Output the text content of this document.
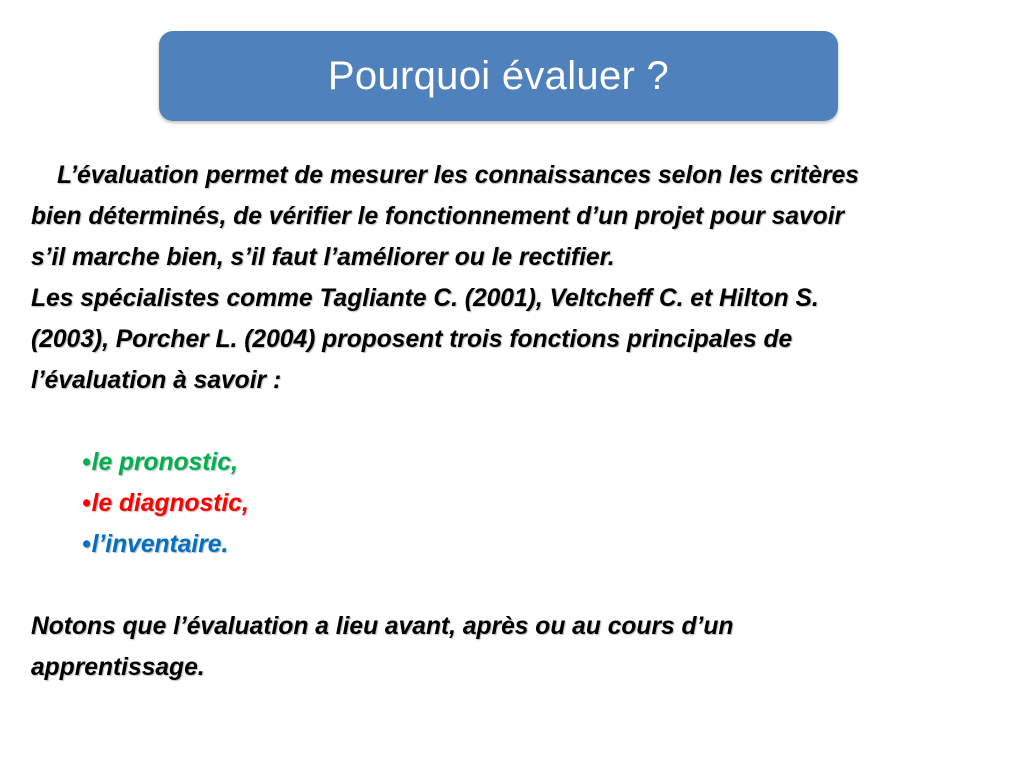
Pourquoi évaluer ?

L’évaluation permet de mesurer les connaissances selon les critères

bien déterminés, de vérifier le fonctionnement d’un projet pour savoir

s’il marche bien, s’il faut l’améliorer ou le rectifier.

Les spécialistes comme Tagliante C. (2001), Veltcheff C. et Hilton S.

(2003), Porcher L. (2004) proposent trois fonctions principales de

l’évaluation à savoir :

•le pronostic,
•le diagnostic,
•l’inventaire.

Notons que l’évaluation a lieu avant, après ou au cours d’un

apprentissage.
